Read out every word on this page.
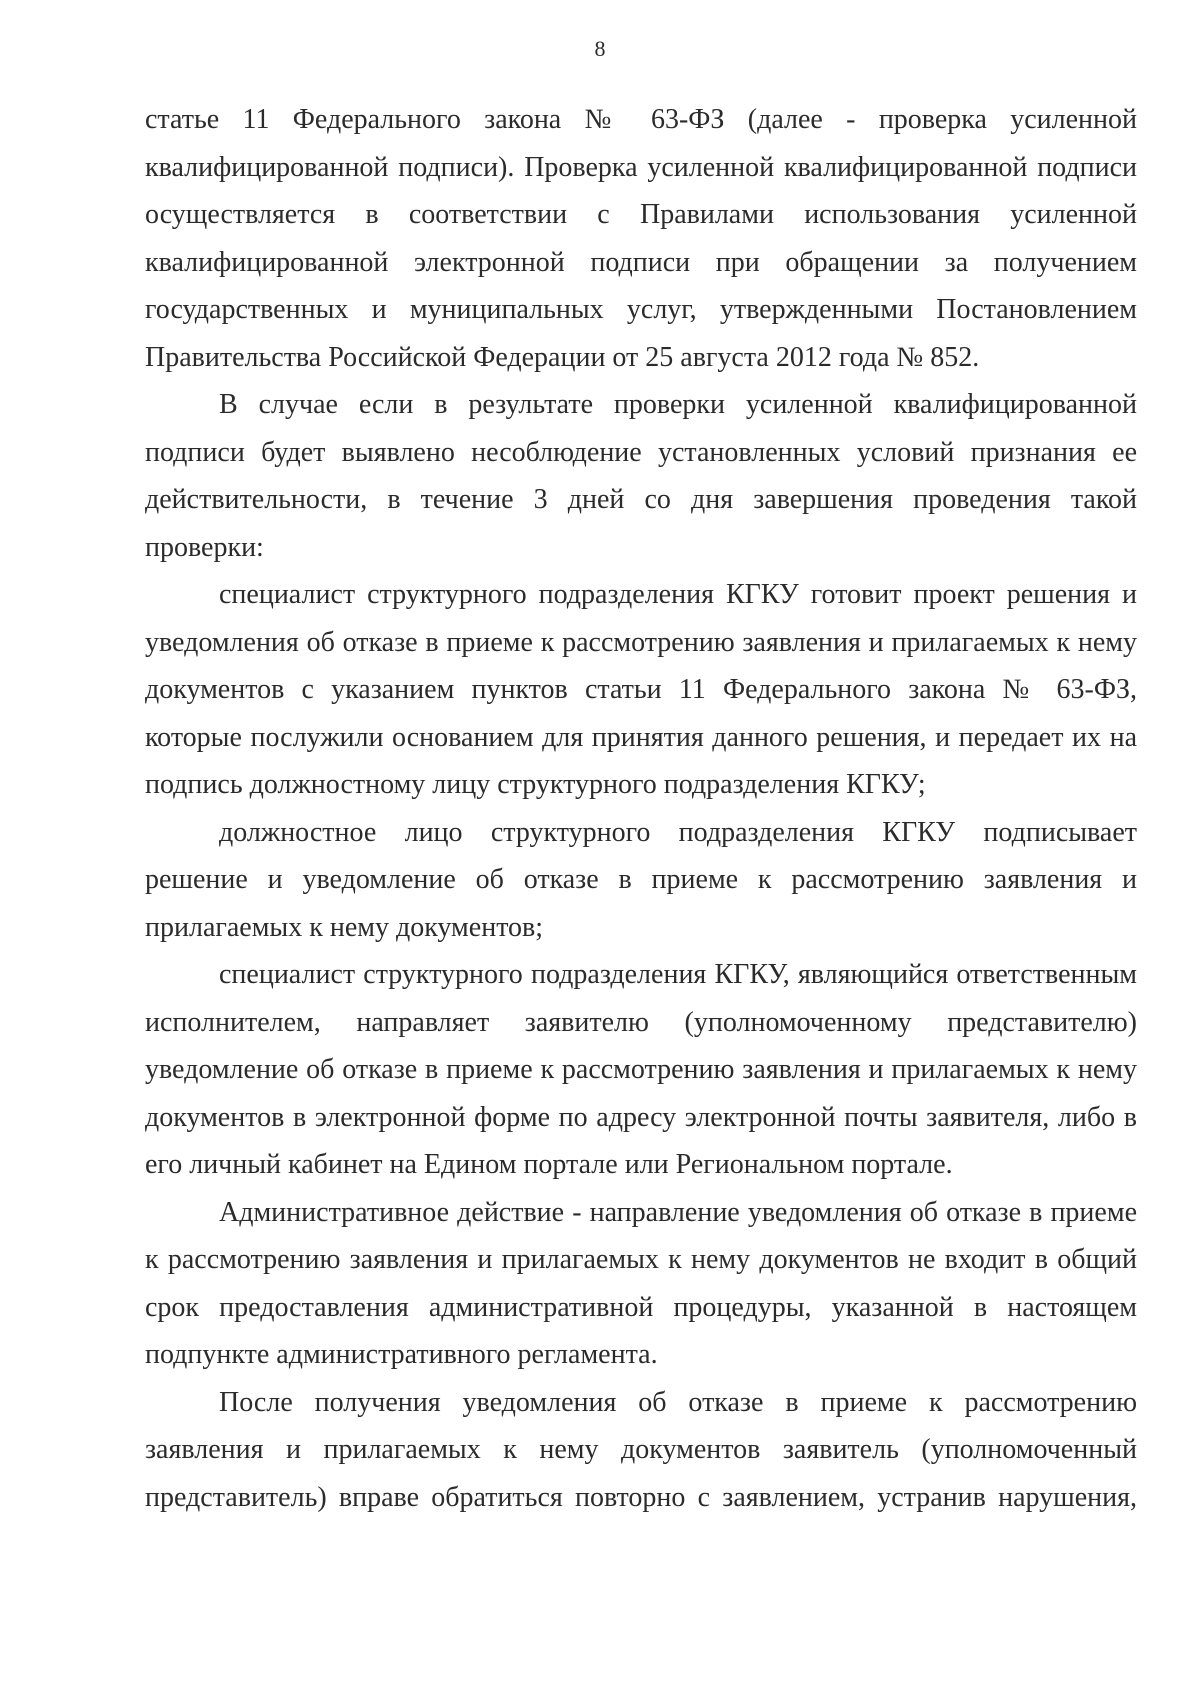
8

статье 11 Федерального закона № 63-ФЗ (далее - проверка усиленной квалифицированной подписи). Проверка усиленной квалифицированной подписи осуществляется в соответствии с Правилами использования усиленной квалифицированной электронной подписи при обращении за получением государственных и муниципальных услуг, утвержденными Постановлением Правительства Российской Федерации от 25 августа 2012 года № 852.

В случае если в результате проверки усиленной квалифицированной подписи будет выявлено несоблюдение установленных условий признания ее действительности, в течение 3 дней со дня завершения проведения такой проверки:

специалист структурного подразделения КГКУ готовит проект решения и уведомления об отказе в приеме к рассмотрению заявления и прилагаемых к нему документов с указанием пунктов статьи 11 Федерального закона № 63-ФЗ, которые послужили основанием для принятия данного решения, и передает их на подпись должностному лицу структурного подразделения КГКУ;

должностное лицо структурного подразделения КГКУ подписывает решение и уведомление об отказе в приеме к рассмотрению заявления и прилагаемых к нему документов;

специалист структурного подразделения КГКУ, являющийся ответственным исполнителем, направляет заявителю (уполномоченному представителю) уведомление об отказе в приеме к рассмотрению заявления и прилагаемых к нему документов в электронной форме по адресу электронной почты заявителя, либо в его личный кабинет на Едином портале или Региональном портале.

Административное действие - направление уведомления об отказе в приеме к рассмотрению заявления и прилагаемых к нему документов не входит в общий срок предоставления административной процедуры, указанной в настоящем подпункте административного регламента.

После получения уведомления об отказе в приеме к рассмотрению заявления и прилагаемых к нему документов заявитель (уполномоченный представитель) вправе обратиться повторно с заявлением, устранив нарушения,
